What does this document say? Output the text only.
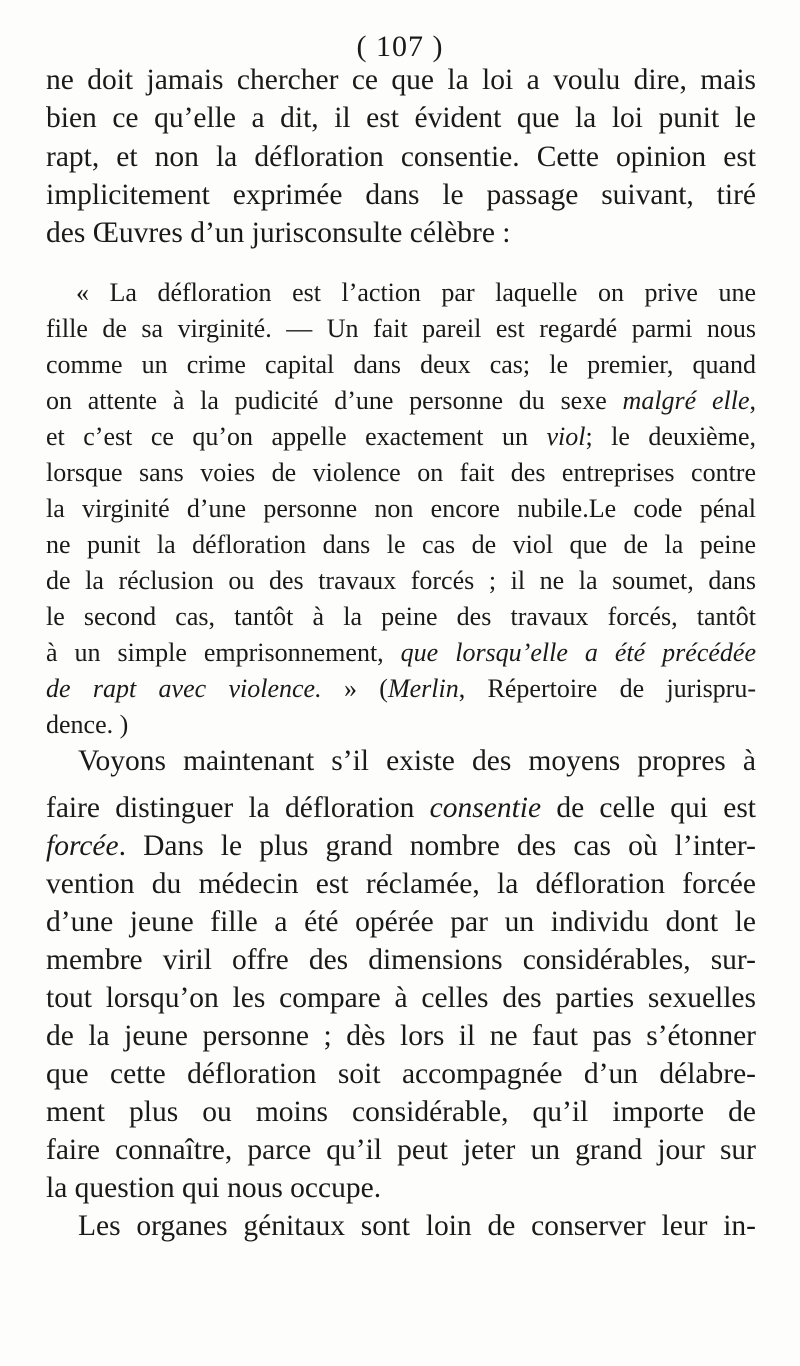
( 107 )
ne doit jamais chercher ce que la loi a voulu dire, mais
bien ce qu’elle a dit, il est évident que la loi punit le
rapt, et non la défloration consentie. Cette opinion est
implicitement exprimée dans le passage suivant, tiré
des Œuvres d’un jurisconsulte célèbre :
« La défloration est l’action par laquelle on prive une
fille de sa virginité. — Un fait pareil est regardé parmi nous
comme un crime capital dans deux cas; le premier, quand
on attente à la pudicité d’une personne du sexe malgré elle,
et c’est ce qu’on appelle exactement un viol; le deuxième,
lorsque sans voies de violence on fait des entreprises contre
la virginité d’une personne non encore nubile.Le code pénal
ne punit la défloration dans le cas de viol que de la peine
de la réclusion ou des travaux forcés ; il ne la soumet, dans
le second cas, tantôt à la peine des travaux forcés, tantôt
à un simple emprisonnement, que lorsqu’elle a été précédée
de rapt avec violence. » (Merlin, Répertoire de jurispru-
dence. )
Voyons maintenant s’il existe des moyens propres à
faire distinguer la défloration consentie de celle qui est
forcée. Dans le plus grand nombre des cas où l’inter-
vention du médecin est réclamée, la défloration forcée
d’une jeune fille a été opérée par un individu dont le
membre viril offre des dimensions considérables, sur-
tout lorsqu’on les compare à celles des parties sexuelles
de la jeune personne ; dès lors il ne faut pas s’étonner
que cette défloration soit accompagnée d’un délabre-
ment plus ou moins considérable, qu’il importe de
faire connaître, parce qu’il peut jeter un grand jour sur
la question qui nous occupe.
Les organes génitaux sont loin de conserver leur in-
